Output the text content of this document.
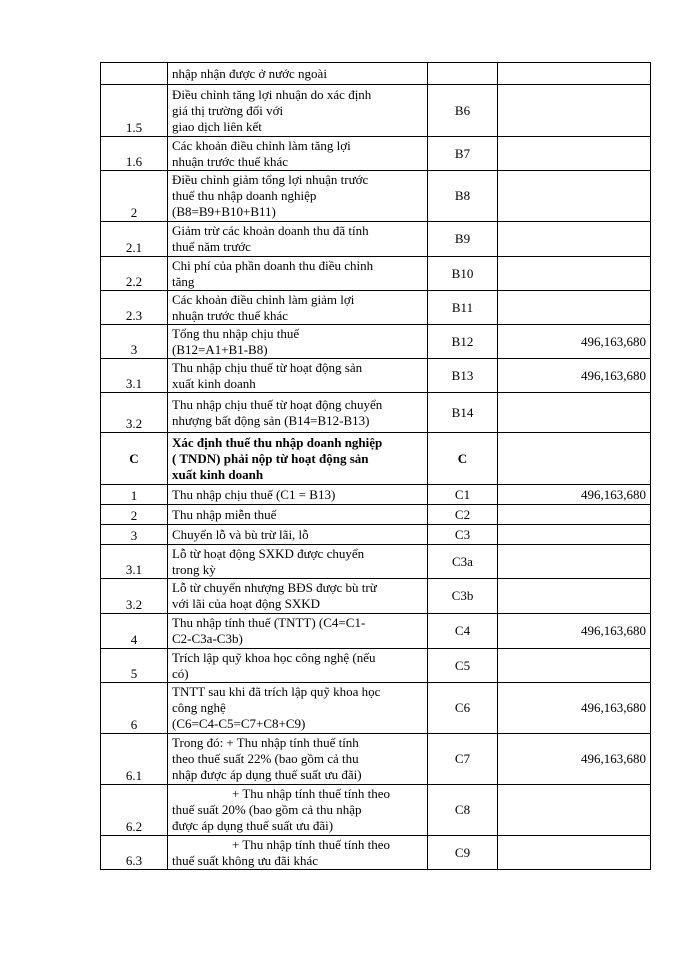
	nhập nhận được ở nước ngoài		

1.5	Điều chỉnh tăng lợi nhuận do xác định
giá thị trường đối với
giao dịch liên kết	B6	
1.6	Các khoản điều chỉnh làm tăng lợi
nhuận trước thuế khác	B7	
2	Điều chỉnh giảm tổng lợi nhuận trước
thuế thu nhập doanh nghiệp
(B8=B9+B10+B11)	B8	
2.1	Giảm trừ các khoản doanh thu đã tính
thuế năm trước	B9	
2.2	Chi phí của phần doanh thu điều chỉnh
tăng	B10	
2.3	Các khoản điều chỉnh làm giảm lợi
nhuận trước thuế khác	B11	
3	Tổng thu nhập chịu thuế
(B12=A1+B1-B8)	B12	496,163,680
3.1	Thu nhập chịu thuế từ hoạt động sản
xuất kinh doanh	B13	496,163,680
3.2	Thu nhập chịu thuế từ hoạt động chuyển
nhượng bất động sản (B14=B12-B13)	B14	
C	Xác định thuế thu nhập doanh nghiệp
( TNDN) phải nộp từ hoạt động sản
xuất kinh doanh	C	
1	Thu nhập chịu thuế (C1 = B13)	C1	496,163,680
2	Thu nhập miễn thuế	C2	
3	Chuyển lỗ và bù trừ lãi, lỗ	C3	
3.1	Lỗ từ hoạt động SXKD được chuyển
trong kỳ	C3a	
3.2	Lỗ từ chuyển nhượng BĐS được bù trừ
với lãi của hoạt động SXKD	C3b	
4	Thu nhập tính thuế (TNTT) (C4=C1-
C2-C3a-C3b)	C4	496,163,680
5	Trích lập quỹ khoa học công nghệ (nếu
có)	C5	
6	TNTT sau khi đã trích lập quỹ khoa học
công nghệ
(C6=C4-C5=C7+C8+C9)	C6	496,163,680
6.1	Trong đó: + Thu nhập tính thuế tính
theo thuế suất 22% (bao gồm cả thu
nhập được áp dụng thuế suất ưu đãi)	C7	496,163,680
6.2	+ Thu nhập tính thuế tính theo
thuế suất 20% (bao gồm cả thu nhập
được áp dụng thuế suất ưu đãi)	C8	
6.3	+ Thu nhập tính thuế tính theo
thuế suất không ưu đãi khác	C9	
